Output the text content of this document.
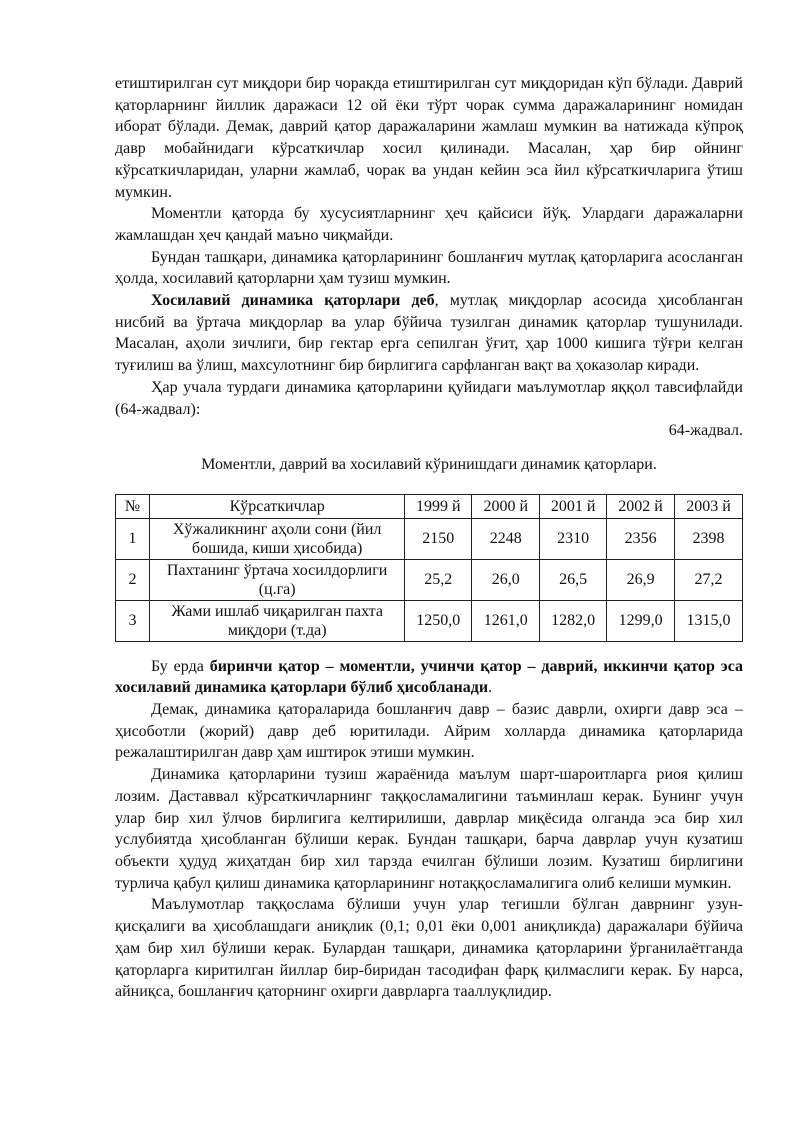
етиштирилган сут миқдори бир чоракда етиштирилган сут миқдоридан кўп бўлади. Даврий қаторларнинг йиллик даражаси 12 ой ёки тўрт чорак сумма даражаларининг номидан иборат бўлади. Демак, даврий қатор даражаларини жамлаш мумкин ва натижада кўпроқ давр мобайнидаги кўрсаткичлар хосил қилинади. Масалан, ҳар бир ойнинг кўрсаткичларидан, уларни жамлаб, чорак ва ундан кейин эса йил кўрсаткичларига ўтиш мумкин.

Моментли қаторда бу хусусиятларнинг ҳеч қайсиси йўқ. Улардаги даражаларни жамлашдан ҳеч қандай маъно чиқмайди.

Бундан ташқари, динамика қаторларининг бошланғич мутлақ қаторларига асосланган ҳолда, хосилавий қаторларни ҳам тузиш мумкин.

Хосилавий динамика қаторлари деб, мутлақ миқдорлар асосида ҳисобланган нисбий ва ўртача миқдорлар ва улар бўйича тузилган динамик қаторлар тушунилади. Масалан, аҳоли зичлиги, бир гектар ерга сепилган ўғит, ҳар 1000 кишига тўғри келган туғилиш ва ўлиш, махсулотнинг бир бирлигига сарфланган вақт ва ҳоказолар киради.

Ҳар учала турдаги динамика қаторларини қуйидаги маълумотлар яққол тавсифлайди (64-жадвал):

64-жадвал.

Моментли, даврий ва хосилавий кўринишдаги динамик қаторлари.

№	Кўрсаткичлар	1999 й	2000 й	2001 й	2002 й	2003 й
1	Хўжаликнинг аҳоли сони (йил бошида, киши ҳисобида)	2150	2248	2310	2356	2398
2	Пахтанинг ўртача хосилдорлиги (ц.га)	25,2	26,0	26,5	26,9	27,2
3	Жами ишлаб чиқарилган пахта миқдори (т.да)	1250,0	1261,0	1282,0	1299,0	1315,0

Бу ерда биринчи қатор – моментли, учинчи қатор – даврий, иккинчи қатор эса хосилавий динамика қаторлари бўлиб ҳисобланади.

Демак, динамика қатораларида бошланғич давр – базис даврли, охирги давр эса – ҳисоботли (жорий) давр деб юритилади. Айрим холларда динамика қаторларида режалаштирилган давр ҳам иштирок этиши мумкин.

Динамика қаторларини тузиш жараёнида маълум шарт-шароитларга риоя қилиш лозим. Даставвал кўрсаткичларнинг таққосламалигини таъминлаш керак. Бунинг учун улар бир хил ўлчов бирлигига келтирилиши, даврлар миқёсида олганда эса бир хил услубиятда ҳисобланган бўлиши керак. Бундан ташқари, барча даврлар учун кузатиш объекти ҳудуд жиҳатдан бир хил тарзда ечилган бўлиши лозим. Кузатиш бирлигини турлича қабул қилиш динамика қаторларининг нотаққосламалигига олиб келиши мумкин.

Маълумотлар таққослама бўлиши учун улар тегишли бўлган даврнинг узун-қисқалиги ва ҳисоблашдаги аниқлик (0,1; 0,01 ёки 0,001 аниқликда) даражалари бўйича ҳам бир хил бўлиши керак. Булардан ташқари, динамика қаторларини ўрганилаётганда қаторларга киритилган йиллар бир-биридан тасодифан фарқ қилмаслиги керак. Бу нарса, айниқса, бошланғич қаторнинг охирги даврларга тааллуқлидир.
